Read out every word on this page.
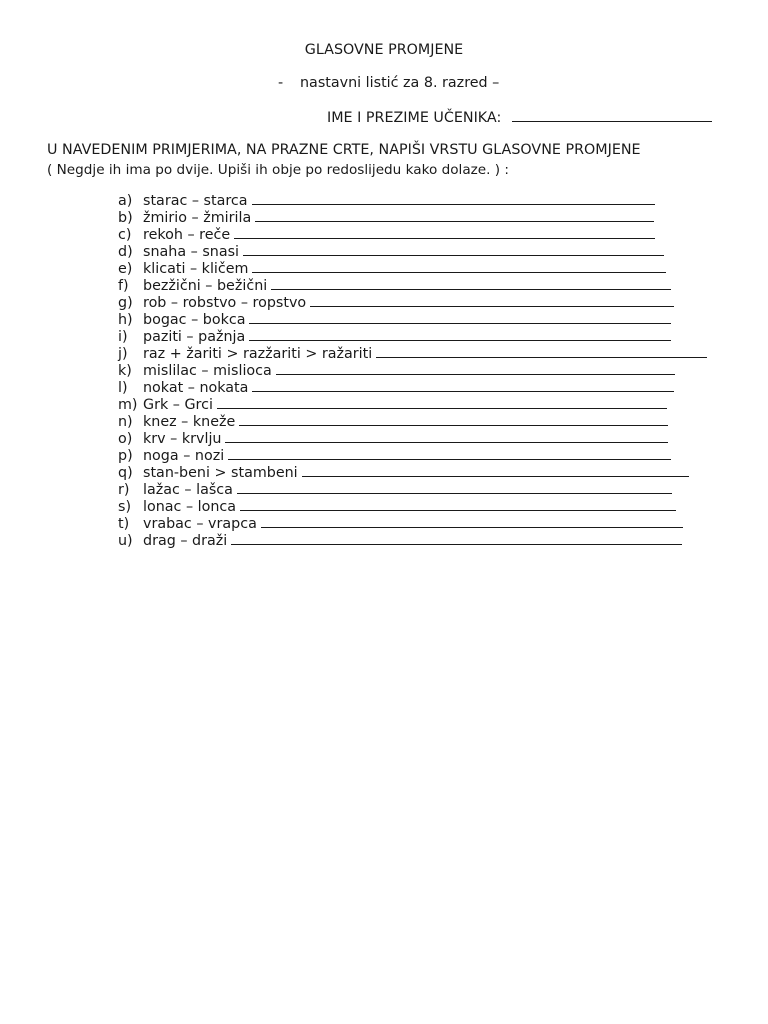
GLASOVNE PROMJENE
- nastavni listić za 8. razred –
IME I PREZIME UČENIKA:
U NAVEDENIM PRIMJERIMA, NA PRAZNE CRTE, NAPIŠI VRSTU GLASOVNE PROMJENE
( Negdje ih ima po dvije. Upiši ih obje po redoslijedu kako dolaze. ) :
a) starac – starca
b) žmirio – žmirila
c) rekoh – reče
d) snaha – snasi
e) klicati – kličem
f)	bezžični – bežični
g) rob – robstvo – ropstvo
h) bogac – bokca
i)	paziti – pažnja
j)	raz + žariti > razžariti > ražariti
k) mislilac – mislioca
l)	nokat – nokata
m) Grk – Grci
n) knez – kneže
o) krv – krvlju
p) noga – nozi
q) stan-beni > stambeni
r) lažac – lašca
s) lonac – lonca
t) vrabac – vrapca
u) drag – draži
